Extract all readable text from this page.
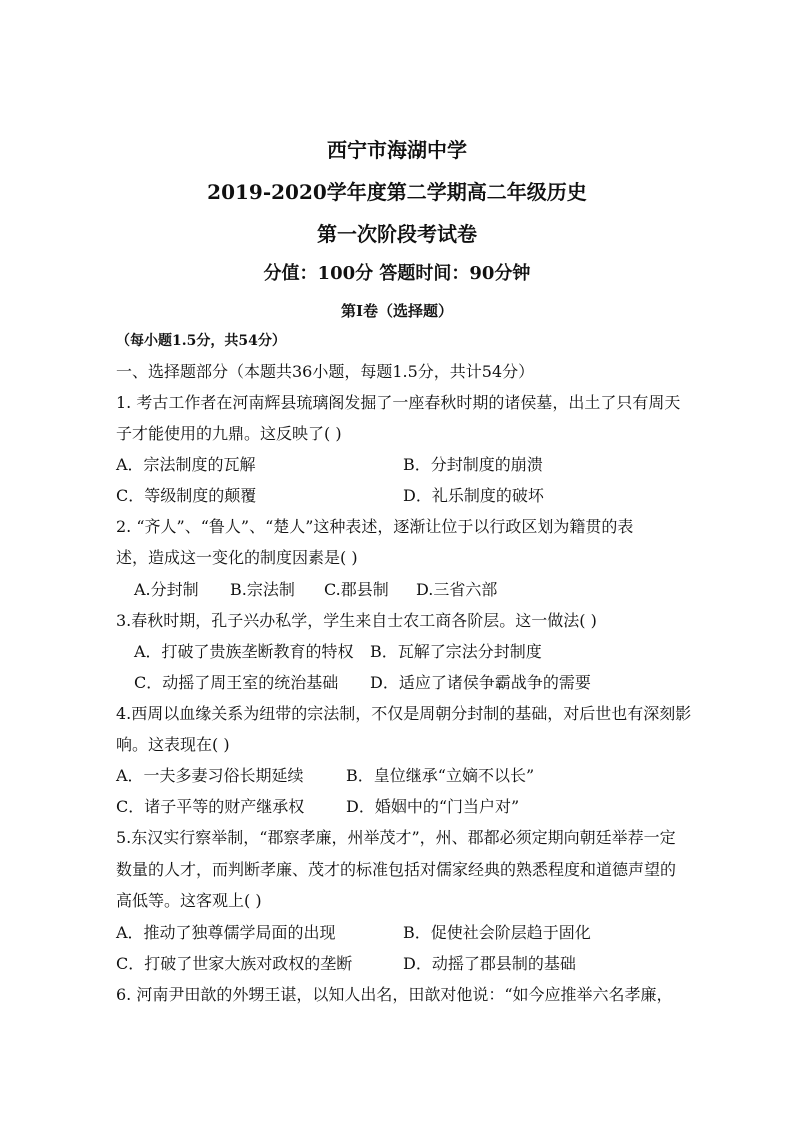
西宁市海湖中学
2019-2020学年度第二学期高二年级历史
第一次阶段考试卷
分值：100分 答题时间：90分钟
第Ⅰ卷（选择题）
（每小题1.5分，共54分）
一、选择题部分（本题共36小题，每题1.5分，共计54分）
1. 考古工作者在河南辉县琉璃阁发掘了一座春秋时期的诸侯墓，出土了只有周天
子才能使用的九鼎。这反映了( )
A．宗法制度的瓦解	B．分封制度的崩溃
C．等级制度的颠覆	D．礼乐制度的破坏
2. “齐人”、“鲁人”、“楚人”这种表述，逐渐让位于以行政区划为籍贯的表
述，造成这一变化的制度因素是( )
A.分封制 B.宗法制 C.郡县制 D.三省六部
3.春秋时期，孔子兴办私学，学生来自士农工商各阶层。这一做法( )
A．打破了贵族垄断教育的特权 B．瓦解了宗法分封制度
C．动摇了周王室的统治基础 D．适应了诸侯争霸战争的需要
4.西周以血缘关系为纽带的宗法制，不仅是周朝分封制的基础，对后世也有深刻影
响。这表现在( )
A．一夫多妻习俗长期延续	B．皇位继承“立嫡不以长”
C．诸子平等的财产继承权	D．婚姻中的“门当户对”
5.东汉实行察举制，“郡察孝廉，州举茂才”，州、郡都必须定期向朝廷举荐一定
数量的人才，而判断孝廉、茂才的标准包括对儒家经典的熟悉程度和道德声望的
高低等。这客观上( )
A．推动了独尊儒学局面的出现	B．促使社会阶层趋于固化
C．打破了世家大族对政权的垄断	D．动摇了郡县制的基础
6. 河南尹田歆的外甥王谌，以知人出名，田歆对他说：“如今应推举六名孝廉，
